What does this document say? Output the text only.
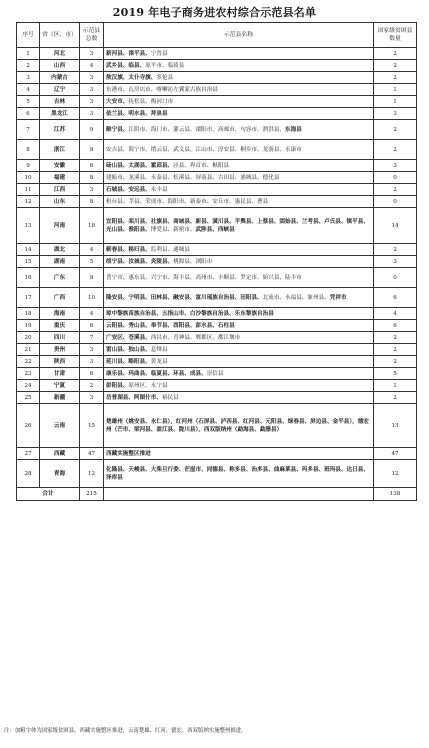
2019 年电子商务进农村综合示范县名单
序号	省（区、市）	示范县总数	示范县名称	国家级贫困县数量
1	河北	3	新河县、滦平县、宁晋县	2
2	山西	4	武乡县、临县、原平市、临猗县	2
3	内蒙古	3	敖汉旗、太仆寺旗、多伦县	2
4	辽宁	3	东港市、瓦房店市、喀喇沁左翼蒙古族自治县	1
5	吉林	3	大安市、抚松县、梅河口市	1
6	黑龙江	3	依兰县、明水县、拜泉县	3
7	江苏	9	睢宁县、江阴市、海门市、灌云县、溧阳市、高邮市、句容市、泗洪县、东海县	2
8	浙江	9	安吉县、海宁市、缙云县、武义县、江山市、淳安县、桐乡市、龙游县、永康市	2
9	安徽	6	砀山县、太湖县、霍邱县、泾县、界首市、枞阳县	3
10	福建	8	建瓯市、龙溪县、永泰县、松溪县、屏南县、古田县、浦城县、德化县	0
11	江西	3	石城县、安远县、永丰县	2
12	山东	8	桓台县、莘县、荣成市、海阳市、新泰市、安丘市、惠民县、曹县	0
13	河南	18	宜阳县、栾川县、社旗县、商城县、新县、潢川县、平舆县、上蔡县、固始县、兰考县、卢氏县、镇平县、光山县、淮阳县、博爱县、新密市、武陟县、西峡县	14
14	湖北	4	蕲春县、秭归县、监利县、通城县	2
15	湖南	5	绥宁县、汝城县、炎陵县、桃源县、浏阳市	3
16	广东	9	普宁市、惠东县、兴宁市、海丰县、高州市、丰顺县、罗定市、始兴县、陆丰市	0
17	广西	10	隆安县、宁明县、田林县、融安县、富川瑶族自治县、田阳县、北流市、永福县、象州县、凭祥市	6
18	海南	4	琼中黎族苗族自治县、五指山市、白沙黎族自治县、乐东黎族自治县	4
19	重庆	6	云阳县、秀山县、奉节县、酉阳县、彭水县、石柱县	6
20	四川	7	广安区、苍溪县、西昌市、青神县、郫都区、都江堰市	2
21	贵州	3	雷山县、独山县、息烽县	2
22	陕西	3	延川县、略阳县、黄龙县	2
23	甘肃	6	康乐县、玛曲县、临夏县、环县、成县、崇信县	5
24	宁夏	2	彭阳县、原州区、永宁县	1
25	新疆	3	岳普湖县、阿图什市、裕民县	2
26	云南	15	楚雄州（姚安县、永仁县），红河州（石屏县、泸西县、红河县、元阳县、绿春县、屏边县、金平县），德宏州（芒市、梁河县、盈江县、陇川县），西双版纳州（勐海县、勐腊县）	13
27	西藏	47	西藏实施整区推进	47
28	青海	12	化隆县、天峻县、大柴旦行委、茫崖市、同德县、称多县、治多县、曲麻莱县、玛多县、班玛县、达日县、泽库县	12
合计		215		138
注：加粗字体为国家级贫困县，西藏实施整区推进，云南楚雄、红河、德宏、西双版纳实施整州推进。
